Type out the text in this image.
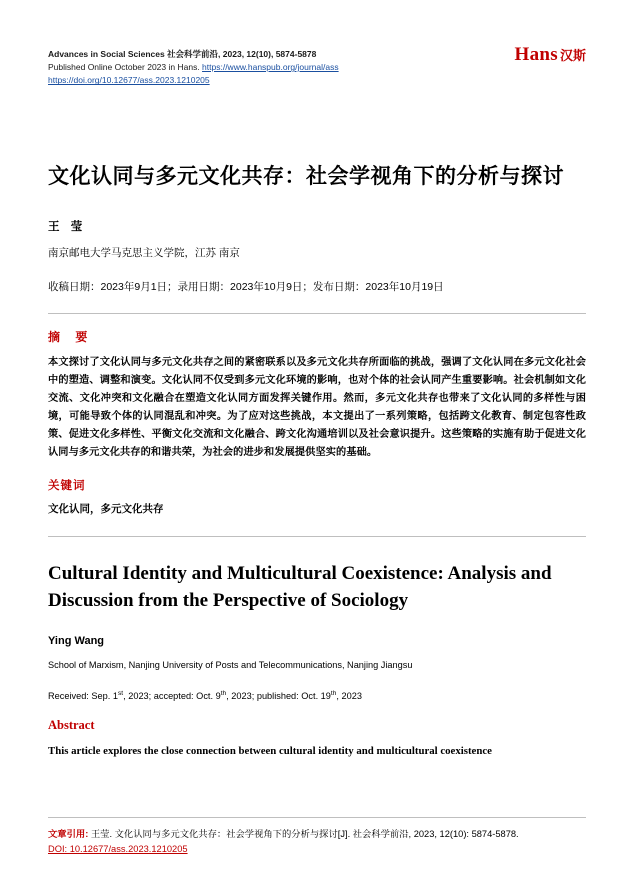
Advances in Social Sciences 社会科学前沿, 2023, 12(10), 5874-5878
Published Online October 2023 in Hans. https://www.hanspub.org/journal/ass
https://doi.org/10.12677/ass.2023.1210205
Hans 汉斯
文化认同与多元文化共存：社会学视角下的分析与探讨
王 莹
南京邮电大学马克思主义学院，江苏 南京
收稿日期：2023年9月1日；录用日期：2023年10月9日；发布日期：2023年10月19日
摘 要
本文探讨了文化认同与多元文化共存之间的紧密联系以及多元文化共存所面临的挑战，强调了文化认同在多元文化社会中的塑造、调整和演变。文化认同不仅受到多元文化环境的影响，也对个体的社会认同产生重要影响。社会机制如文化交流、文化冲突和文化融合在塑造文化认同方面发挥关键作用。然而，多元文化共存也带来了文化认同的多样性与困境，可能导致个体的认同混乱和冲突。为了应对这些挑战，本文提出了一系列策略，包括跨文化教育、制定包容性政策、促进文化多样性、平衡文化交流和文化融合、跨文化沟通培训以及社会意识提升。这些策略的实施有助于促进文化认同与多元文化共存的和谐共荣，为社会的进步和发展提供坚实的基础。
关键词
文化认同，多元文化共存
Cultural Identity and Multicultural Coexistence: Analysis and Discussion from the Perspective of Sociology
Ying Wang
School of Marxism, Nanjing University of Posts and Telecommunications, Nanjing Jiangsu
Received: Sep. 1st, 2023; accepted: Oct. 9th, 2023; published: Oct. 19th, 2023
Abstract
This article explores the close connection between cultural identity and multicultural coexistence
文章引用: 王莹. 文化认同与多元文化共存：社会学视角下的分析与探讨[J]. 社会科学前沿, 2023, 12(10): 5874-5878.
DOI: 10.12677/ass.2023.1210205
